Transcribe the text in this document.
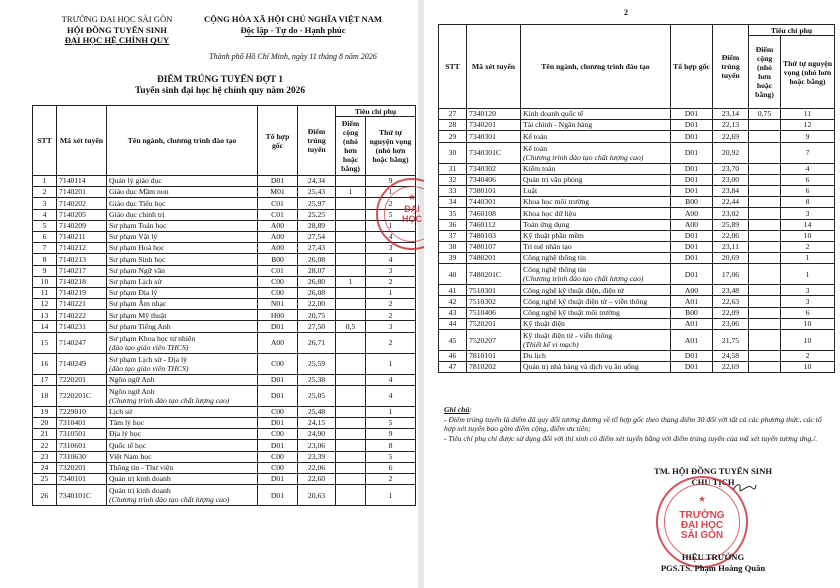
TRƯỜNG ĐẠI HỌC SÀI GÒN
HỘI ĐỒNG TUYỂN SINH
ĐẠI HỌC HỆ CHÍNH QUY
CỘNG HÒA XÃ HỘI CHỦ NGHĨA VIỆT NAM
Độc lập - Tự do - Hạnh phúc
Thành phố Hồ Chí Minh, ngày 11 tháng 8 năm 2026
ĐIỂM TRÚNG TUYỂN ĐỢT 1
Tuyển sinh đại học hệ chính quy năm 2026
STT	Mã xét tuyển	Tên ngành, chương trình đào tạo	Tổ hợp gốc	Điểm trúng tuyển	Tiêu chí phụ	
					Điểm cộng (nhỏ hơn hoặc bằng)	Thứ tự nguyện vọng (nhỏ hơn hoặc bằng)
1	7140114	Quản lý giáo dục	D01	24,34		9
2	7140201	Giáo dục Mầm non	M01	25,43	1	1
3	7140202	Giáo dục Tiểu học	C01	25,97		2
4	7140205	Giáo dục chính trị	C01	25,25		5
5	7140209	Sư phạm Toán học	A00	28,89		1
6	7140211	Sư phạm Vật lý	A00	27,54		4
7	7140212	Sư phạm Hoá học	A00	27,43		3
8	7140213	Sư phạm Sinh học	B00	26,08		4
9	7140217	Sư phạm Ngữ văn	C01	28,07		3
10	7140218	Sư phạm Lịch sử	C00	26,80	1	2
11	7140219	Sư phạm Địa lý	C00	26,08		1
12	7140221	Sư phạm Âm nhạc	N01	22,00		2
13	7140222	Sư phạm Mỹ thuật	H00	20,75		2
14	7140231	Sư phạm Tiếng Anh	D01	27,50	0,5	3
15	7140247	Sư phạm Khoa học tự nhiên
(đào tạo giáo viên THCS)	A00	26,71		2
16	7140249	Sư phạm Lịch sử - Địa lý
(đào tạo giáo viên THCS)	C00	25,59		1
17	7220201	Ngôn ngữ Anh	D01	25,38		4
18	7220201C	Ngôn ngữ Anh
(Chương trình đào tạo chất lượng cao)	D01	25,05		4
19	7229010	Lịch sử	C00	25,48		1
20	7310401	Tâm lý học	D01	24,15		5
21	7310501	Địa lý học	C00	24,90		9
22	7310601	Quốc tế học	D01	23,06		8
23	7310630	Việt Nam học	C00	23,39		5
24	7320201	Thông tin - Thư viện	C00	22,06		6
25	7340101	Quản trị kinh doanh	D01	22,60		2
26	7340101C	Quản trị kinh doanh
(Chương trình đào tạo chất lượng cao)	D01	20,63		1
★
ĐẠI
HỌC
2
STT	Mã xét tuyển	Tên ngành, chương trình đào tạo	Tổ hợp gốc	Điểm trúng tuyển	Tiêu chí phụ	
					Điểm cộng (nhỏ hơn hoặc bằng)	Thứ tự nguyện vọng (nhỏ hơn hoặc bằng)
27	7340120	Kinh doanh quốc tế	D01	23,14	0,75	11
28	7340201	Tài chính - Ngân hàng	D01	22,13		12
29	7340301	Kế toán	D01	22,69		9
30	7340301C	Kế toán
(Chương trình đào tạo chất lượng cao)	D01	20,92		7
31	7340302	Kiểm toán	D01	23,70		4
32	7340406	Quản trị văn phòng	D01	23,00		6
33	7380101	Luật	D01	23,84		6
34	7440301	Khoa học môi trường	B00	22,44		8
35	7460108	Khoa học dữ liệu	A00	23,02		3
36	7460112	Toán ứng dụng	A00	25,89		14
37	7480103	Kỹ thuật phần mềm	D01	22,06		10
38	7480107	Trí tuệ nhân tạo	D01	23,11		2
39	7480201	Công nghệ thông tin	D01	20,69		1
40	7480201C	Công nghệ thông tin
(Chương trình đào tạo chất lượng cao)	D01	17,06		1
41	7510301	Công nghệ kỹ thuật điện, điện tử	A00	23,48		3
42	7510302	Công nghệ kỹ thuật điện tử – viễn thông	A01	22,63		3
43	7510406	Công nghệ kỹ thuật môi trường	B00	22,09		6
44	7520201	Kỹ thuật điện	A01	23,06		10
45	7520207	Kỹ thuật điện tử - viễn thông
(Thiết kế vi mạch)	A01	21,75		10
46	7810101	Du lịch	D01	24,58		2
47	7810202	Quản trị nhà hàng và dịch vụ ăn uống	D01	22,69		10
Ghi chú:
- Điểm trúng tuyển là điểm đã quy đổi tương đương về tổ hợp gốc theo thang điểm 30 đối với tất cả các phương thức, các tổ hợp xét tuyển bao gồm điểm cộng, điểm ưu tiên;
- Tiêu chí phụ chỉ được sử dụng đối với thí sinh có điểm xét tuyển bằng với điểm trúng tuyển của mã xét tuyển tương ứng./.
TM. HỘI ĐỒNG TUYỂN SINH
CHỦ TỊCH
★
TRƯỜNG
ĐẠI HỌC
SÀI GÒN
HIỆU TRƯỞNG
PGS.TS. Phạm Hoàng Quân
